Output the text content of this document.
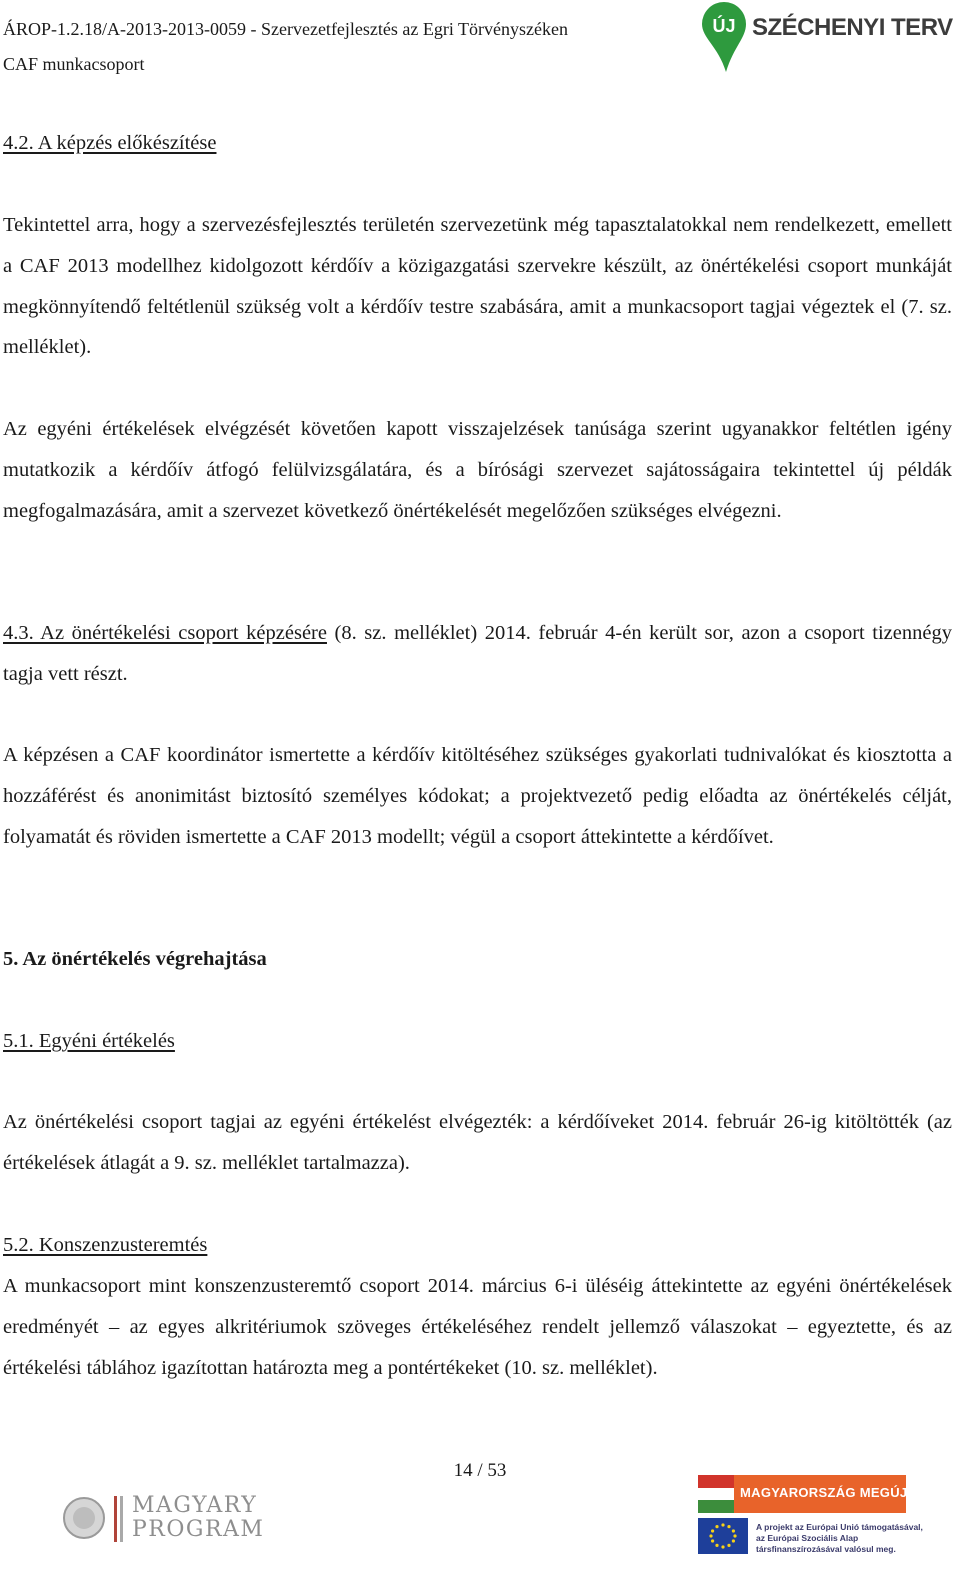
ÁROP-1.2.18/A-2013-2013-0059 - Szervezetfejlesztés az Egri Törvényszéken
CAF munkacsoport
ÚJ SZÉCHENYI TERV
4.2. A képzés előkészítése

Tekintettel arra, hogy a szervezésfejlesztés területén szervezetünk még tapasztalatokkal nem rendelkezett, emellett a CAF 2013 modellhez kidolgozott kérdőív a közigazgatási szervekre készült, az önértékelési csoport munkáját megkönnyítendő feltétlenül szükség volt a kérdőív testre szabására, amit a munkacsoport tagjai végeztek el (7. sz. melléklet).

Az egyéni értékelések elvégzését követően kapott visszajelzések tanúsága szerint ugyanakkor feltétlen igény mutatkozik a kérdőív átfogó felülvizsgálatára, és a bírósági szervezet sajátosságaira tekintettel új példák megfogalmazására, amit a szervezet következő önértékelését megelőzően szükséges elvégezni.

4.3. Az önértékelési csoport képzésére (8. sz. melléklet) 2014. február 4-én került sor, azon a csoport tizennégy tagja vett részt.

A képzésen a CAF koordinátor ismertette a kérdőív kitöltéséhez szükséges gyakorlati tudnivalókat és kiosztotta a hozzáférést és anonimitást biztosító személyes kódokat; a projektvezető pedig előadta az önértékelés célját, folyamatát és röviden ismertette a CAF 2013 modellt; végül a csoport áttekintette a kérdőívet.

5. Az önértékelés végrehajtása
5.1. Egyéni értékelés

Az önértékelési csoport tagjai az egyéni értékelést elvégezték: a kérdőíveket 2014. február 26-ig kitöltötték (az értékelések átlagát a 9. sz. melléklet tartalmazza).

5.2. Konszenzusteremtés

A munkacsoport mint konszenzusteremtő csoport 2014. március 6-i üléséig áttekintette az egyéni önértékelések eredményét – az egyes alkritériumok szöveges értékeléséhez rendelt jellemző válaszokat – egyeztette, és az értékelési táblához igazítottan határozta meg a pontértékeket (10. sz. melléklet).

14 / 53
MAGYARY
PROGRAM
MAGYARORSZÁG MEGÚJUL
A projekt az Európai Unió támogatásával,
az Európai Szociális Alap
társfinanszírozásával valósul meg.
